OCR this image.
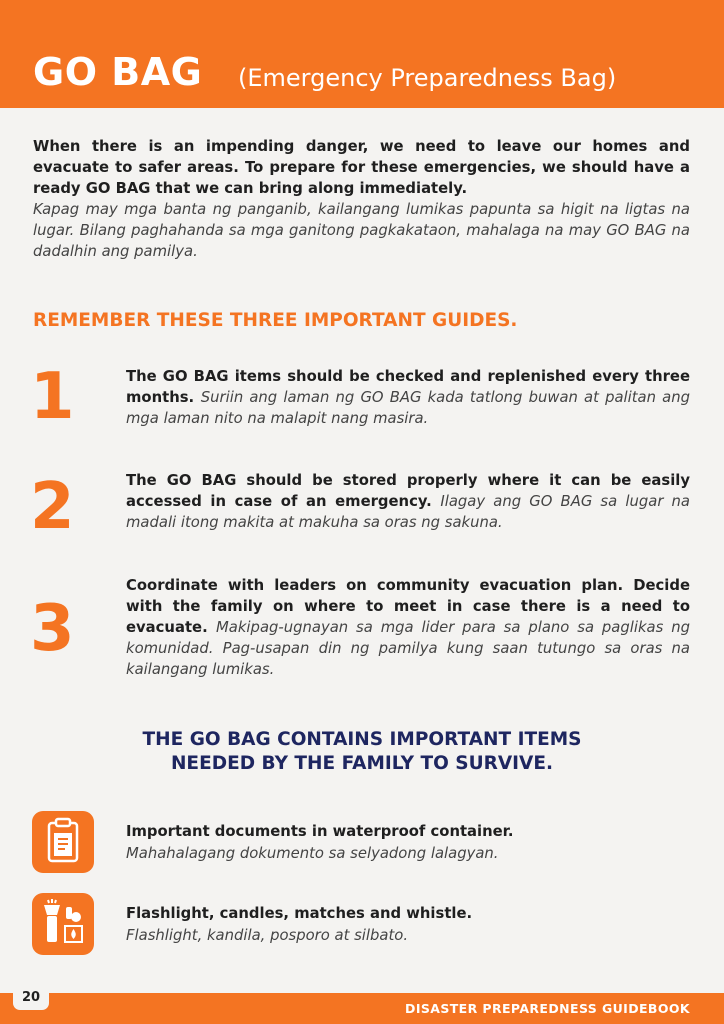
GO BAG (Emergency Preparedness Bag)
When there is an impending danger, we need to leave our homes and evacuate to safer areas. To prepare for these emergencies, we should have a ready GO BAG that we can bring along immediately.
Kapag may mga banta ng panganib, kailangang lumikas papunta sa higit na ligtas na lugar. Bilang paghahanda sa mga ganitong pagkakataon, mahalaga na may GO BAG na dadalhin ang pamilya.
REMEMBER THESE THREE IMPORTANT GUIDES.
1	The GO BAG items should be checked and replenished every three months. Suriin ang laman ng GO BAG kada tatlong buwan at palitan ang mga laman nito na malapit nang masira.
2	The GO BAG should be stored properly where it can be easily accessed in case of an emergency. Ilagay ang GO BAG sa lugar na madali itong makita at makuha sa oras ng sakuna.
3
Coordinate with leaders on community evacuation plan. Decide with the family on where to meet in case there is a need to evacuate. Makipag-ugnayan sa mga lider para sa plano sa paglikas ng komunidad. Pag-usapan din ng pamilya kung saan tutungo sa oras na kailangang lumikas.
THE GO BAG CONTAINS IMPORTANT ITEMS
NEEDED BY THE FAMILY TO SURVIVE.
Important documents in waterproof container.
Mahahalagang dokumento sa selyadong lalagyan.
Flashlight, candles, matches and whistle.
Flashlight, kandila, posporo at silbato.
20
DISASTER PREPAREDNESS GUIDEBOOK
